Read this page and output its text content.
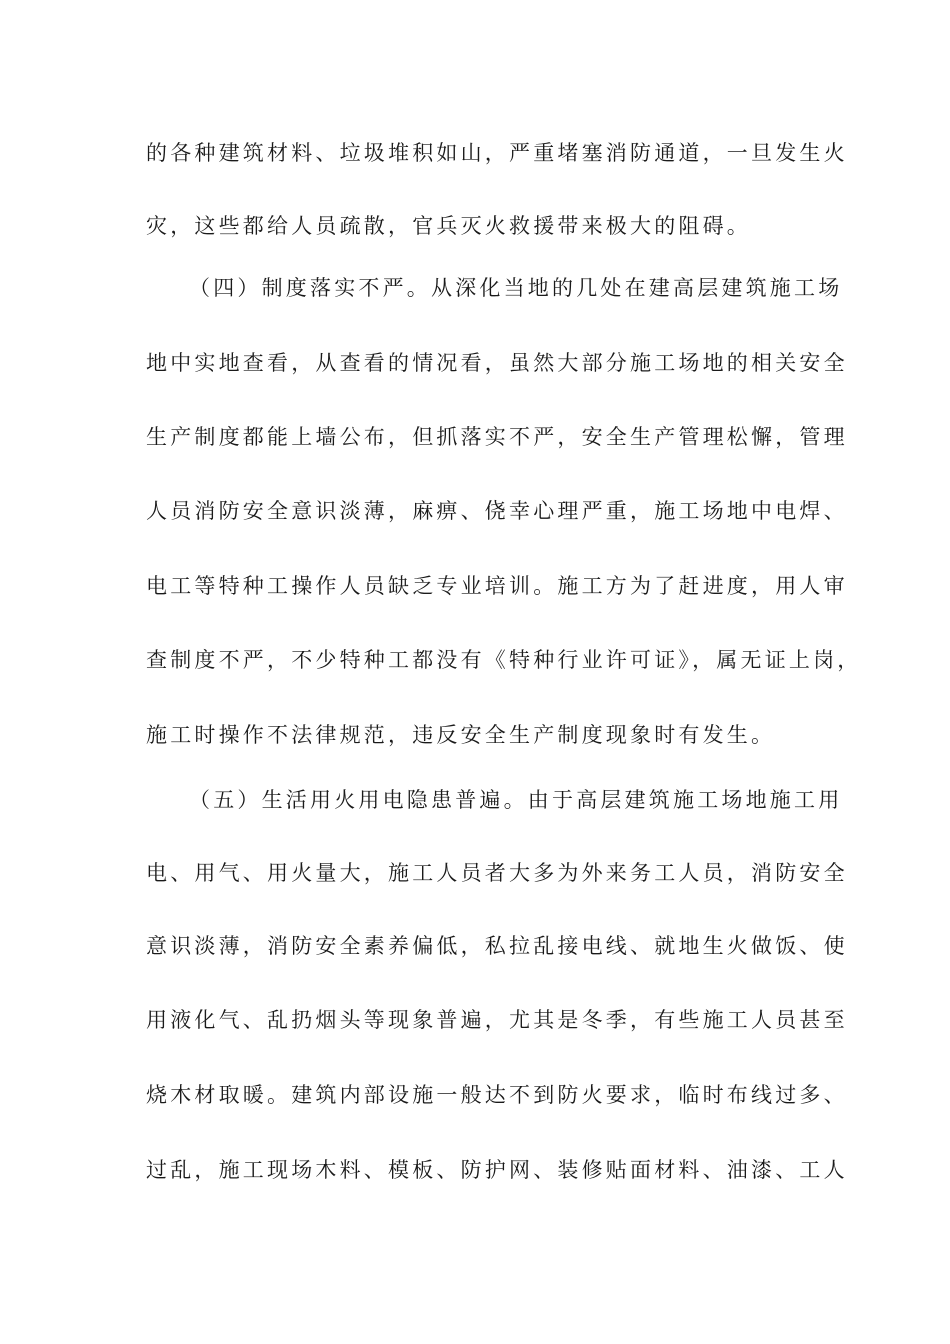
的各种建筑材料、垃圾堆积如山，严重堵塞消防通道，一旦发生火
灾，这些都给人员疏散，官兵灭火救援带来极大的阻碍。
（四）制度落实不严。从深化当地的几处在建高层建筑施工场
地中实地查看，从查看的情况看，虽然大部分施工场地的相关安全
生产制度都能上墙公布，但抓落实不严，安全生产管理松懈，管理
人员消防安全意识淡薄，麻痹、侥幸心理严重，施工场地中电焊、
电工等特种工操作人员缺乏专业培训。施工方为了赶进度，用人审
查制度不严，不少特种工都没有《特种行业许可证》，属无证上岗，
施工时操作不法律规范，违反安全生产制度现象时有发生。
（五）生活用火用电隐患普遍。由于高层建筑施工场地施工用
电、用气、用火量大，施工人员者大多为外来务工人员，消防安全
意识淡薄，消防安全素养偏低，私拉乱接电线、就地生火做饭、使
用液化气、乱扔烟头等现象普遍，尤其是冬季，有些施工人员甚至
烧木材取暖。建筑内部设施一般达不到防火要求，临时布线过多、
过乱，施工现场木料、模板、防护网、装修贴面材料、油漆、工人
